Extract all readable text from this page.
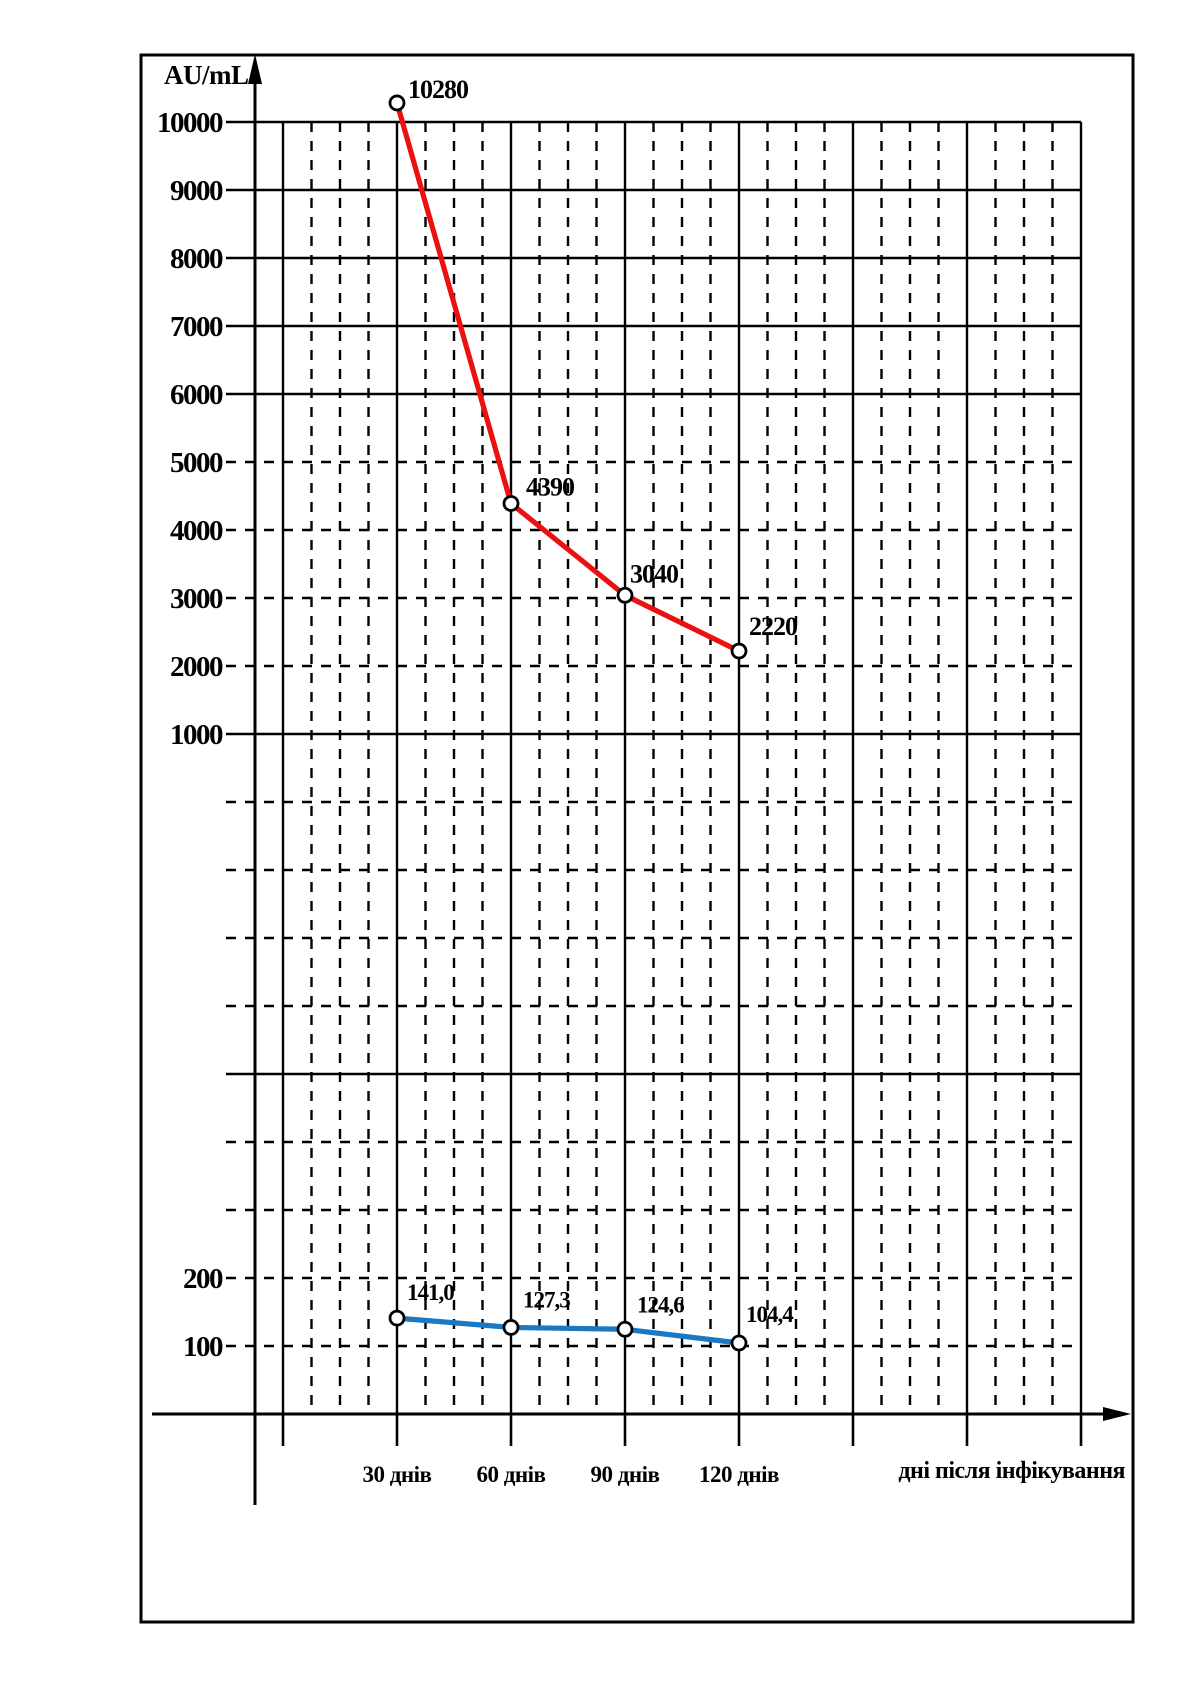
10000
9000
8000
7000
6000
5000
4000
3000
2000
1000
200
100
30 днів 60 днів 90 днів 120 днів
10280
4390
3040
2220
141,0	127,3	124,6	104,4
AU/mL
дні після інфікування
